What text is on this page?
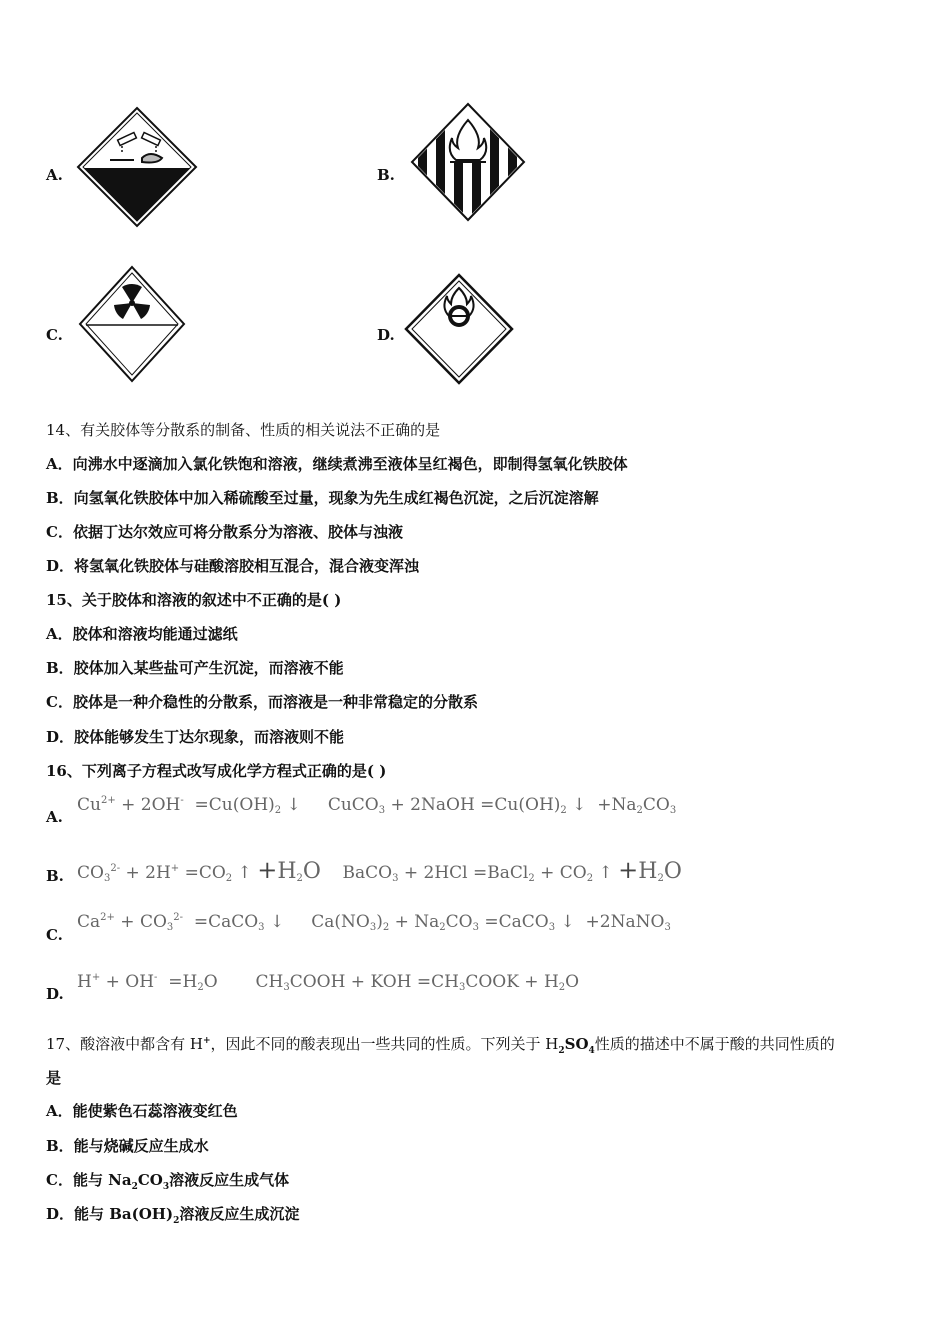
A.	B.
C.	D.
14、有关胶体等分散系的制备、性质的相关说法不正确的是
A．向沸水中逐滴加入氯化铁饱和溶液，继续煮沸至液体呈红褐色，即制得氢氧化铁胶体
B．向氢氧化铁胶体中加入稀硫酸至过量，现象为先生成红褐色沉淀，之后沉淀溶解
C．依据丁达尔效应可将分散系分为溶液、胶体与浊液
D．将氢氧化铁胶体与硅酸溶胶相互混合，混合液变浑浊
15、关于胶体和溶液的叙述中不正确的是( )
A．胶体和溶液均能通过滤纸
B．胶体加入某些盐可产生沉淀，而溶液不能
C．胶体是一种介稳性的分散系，而溶液是一种非常稳定的分散系
D．胶体能够发生丁达尔现象，而溶液则不能
16、下列离子方程式改写成化学方程式正确的是( )
A.
$Cu^{2+} + 2OH^- =Cu(OH)_2$ ↓     CuCO$_3$ + 2NaOH $=Cu(OH)_2$ ↓  $+Na_2CO_3$
B. $CO_3^{2-} + 2H^+ =CO_2$ ↑ $+H_2O$    BaCO$_3$ + 2HCl =BaCl$_2$ + $CO_2$ ↑ $+H_2O$
C.
$Ca^{2+} + CO_3^{2-}$  =CaCO$_3$ ↓     $Ca(NO_3)_2 + Na_2CO_3$ =CaCO$_3$ ↓  +2NaNO$_3$
D.
$H^+ + OH^- =H_2O$       $CH_3COOH$ + KOH $=CH_3COOK + H_2O$
17、酸溶液中都含有 H+，因此不同的酸表现出一些共同的性质。下列关于 $H_2SO_4$性质的描述中不属于酸的共同性质的
是
A．能使紫色石蕊溶液变红色
B．能与烧碱反应生成水
C．能与 $Na_2CO_3$溶液反应生成气体
D．能与 $Ba(OH)_2$溶液反应生成沉淀
